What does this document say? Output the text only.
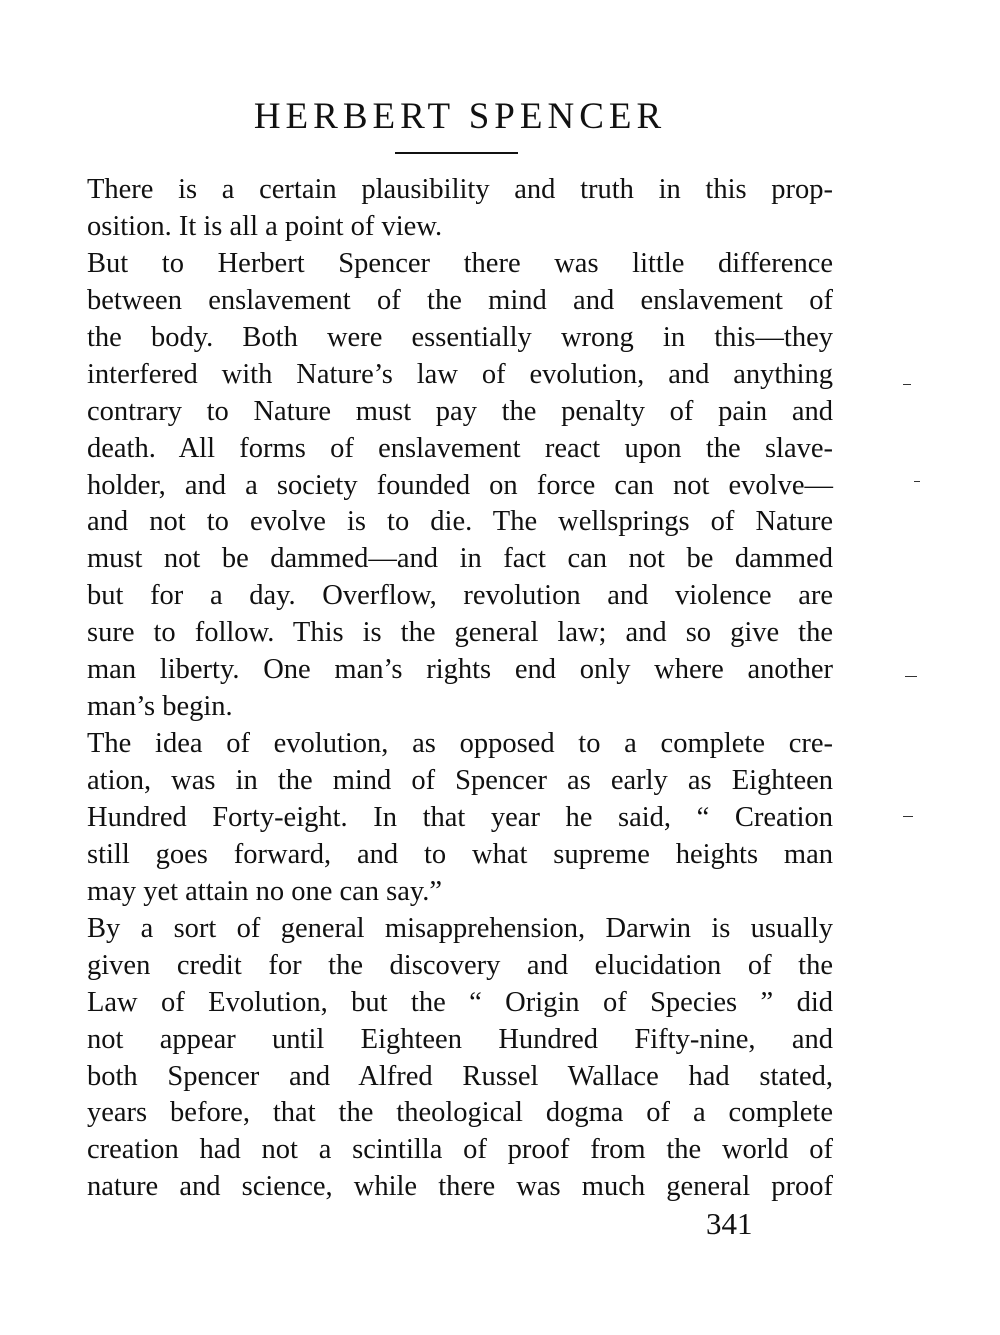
HERBERT SPENCER
There is a certain plausibility and truth in this prop-
osition. It is all a point of view.
But to Herbert Spencer there was little difference
between enslavement of the mind and enslavement of
the body. Both were essentially wrong in this—they
interfered with Nature’s law of evolution, and anything
contrary to Nature must pay the penalty of pain and
death. All forms of enslavement react upon the slave-
holder, and a society founded on force can not evolve—
and not to evolve is to die. The wellsprings of Nature
must not be dammed—and in fact can not be dammed
but for a day. Overflow, revolution and violence are
sure to follow. This is the general law; and so give the
man liberty. One man’s rights end only where another
man’s begin.
The idea of evolution, as opposed to a complete cre-
ation, was in the mind of Spencer as early as Eighteen
Hundred Forty-eight. In that year he said, “ Creation
still goes forward, and to what supreme heights man
may yet attain no one can say.”
By a sort of general misapprehension, Darwin is usually
given credit for the discovery and elucidation of the
Law of Evolution, but the “ Origin of Species ” did
not appear until Eighteen Hundred Fifty-nine, and
both Spencer and Alfred Russel Wallace had stated,
years before, that the theological dogma of a complete
creation had not a scintilla of proof from the world of
nature and science, while there was much general proof
341
